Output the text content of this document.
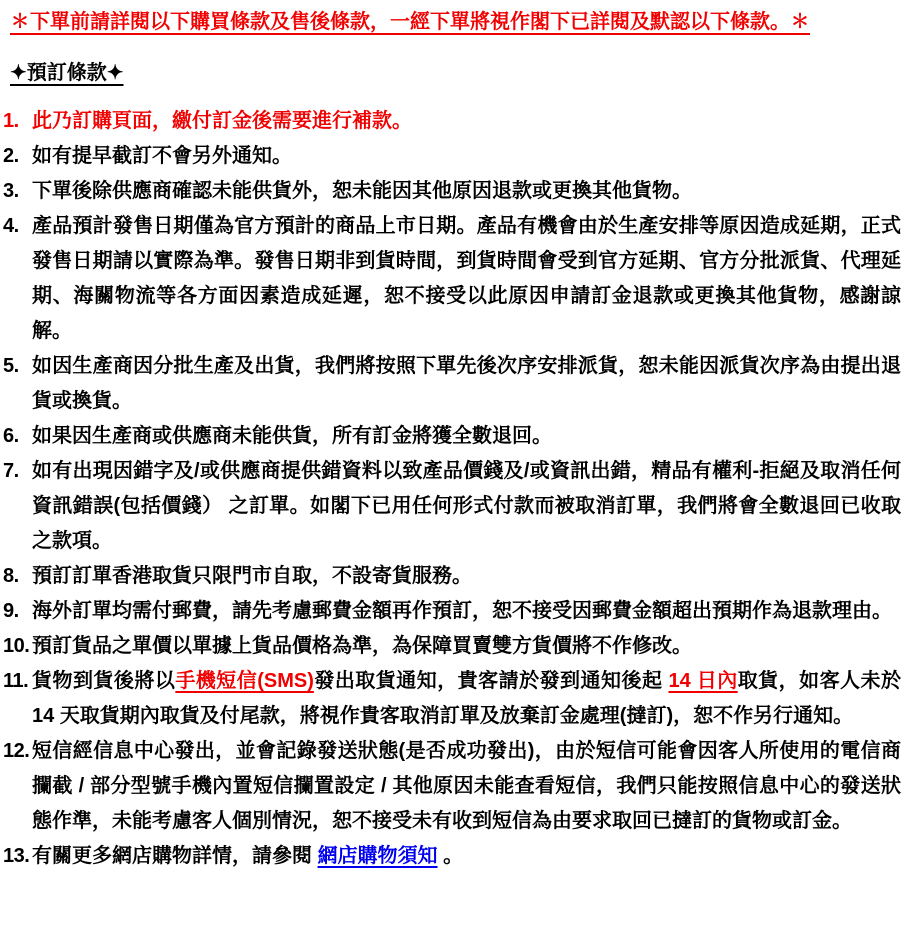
✽下單前請詳閱以下購買條款及售後條款，一經下單將視作閣下已詳閱及默認以下條款。✽
✦預訂條款✦
1. 此乃訂購頁面，繳付訂金後需要進行補款。
2. 如有提早截訂不會另外通知。
3. 下單後除供應商確認未能供貨外，恕未能因其他原因退款或更換其他貨物。
4. 產品預計發售日期僅為官方預計的商品上市日期。產品有機會由於生產安排等原因造成延期，正式發售日期請以實際為準。發售日期非到貨時間，到貨時間會受到官方延期、官方分批派貨、代理延期、海關物流等各方面因素造成延遲，恕不接受以此原因申請訂金退款或更換其他貨物，感謝諒解。
5. 如因生產商因分批生產及出貨，我們將按照下單先後次序安排派貨，恕未能因派貨次序為由提出退貨或換貨。
6. 如果因生產商或供應商未能供貨，所有訂金將獲全數退回。
7. 如有出現因錯字及/或供應商提供錯資料以致產品價錢及/或資訊出錯，精品有權利-拒絕及取消任何資訊錯誤(包括價錢） 之訂單。如閣下已用任何形式付款而被取消訂單，我們將會全數退回已收取之款項。
8. 預訂訂單香港取貨只限門市自取，不設寄貨服務。
9. 海外訂單均需付郵費，請先考慮郵費金額再作預訂，恕不接受因郵費金額超出預期作為退款理由。
10. 預訂貨品之單價以單據上貨品價格為準，為保障買賣雙方貨價將不作修改。
11. 貨物到貨後將以手機短信(SMS)發出取貨通知，貴客請於發到通知後起 14 日內取貨，如客人未於 14 天取貨期內取貨及付尾款，將視作貴客取消訂單及放棄訂金處理(撻訂)，恕不作另行通知。
12. 短信經信息中心發出，並會記錄發送狀態(是否成功發出)，由於短信可能會因客人所使用的電信商攔截 / 部分型號手機內置短信攔置設定 / 其他原因未能查看短信，我們只能按照信息中心的發送狀態作準，未能考慮客人個別情況，恕不接受未有收到短信為由要求取回已撻訂的貨物或訂金。
13. 有關更多網店購物詳情，請參閱 網店購物須知 。
